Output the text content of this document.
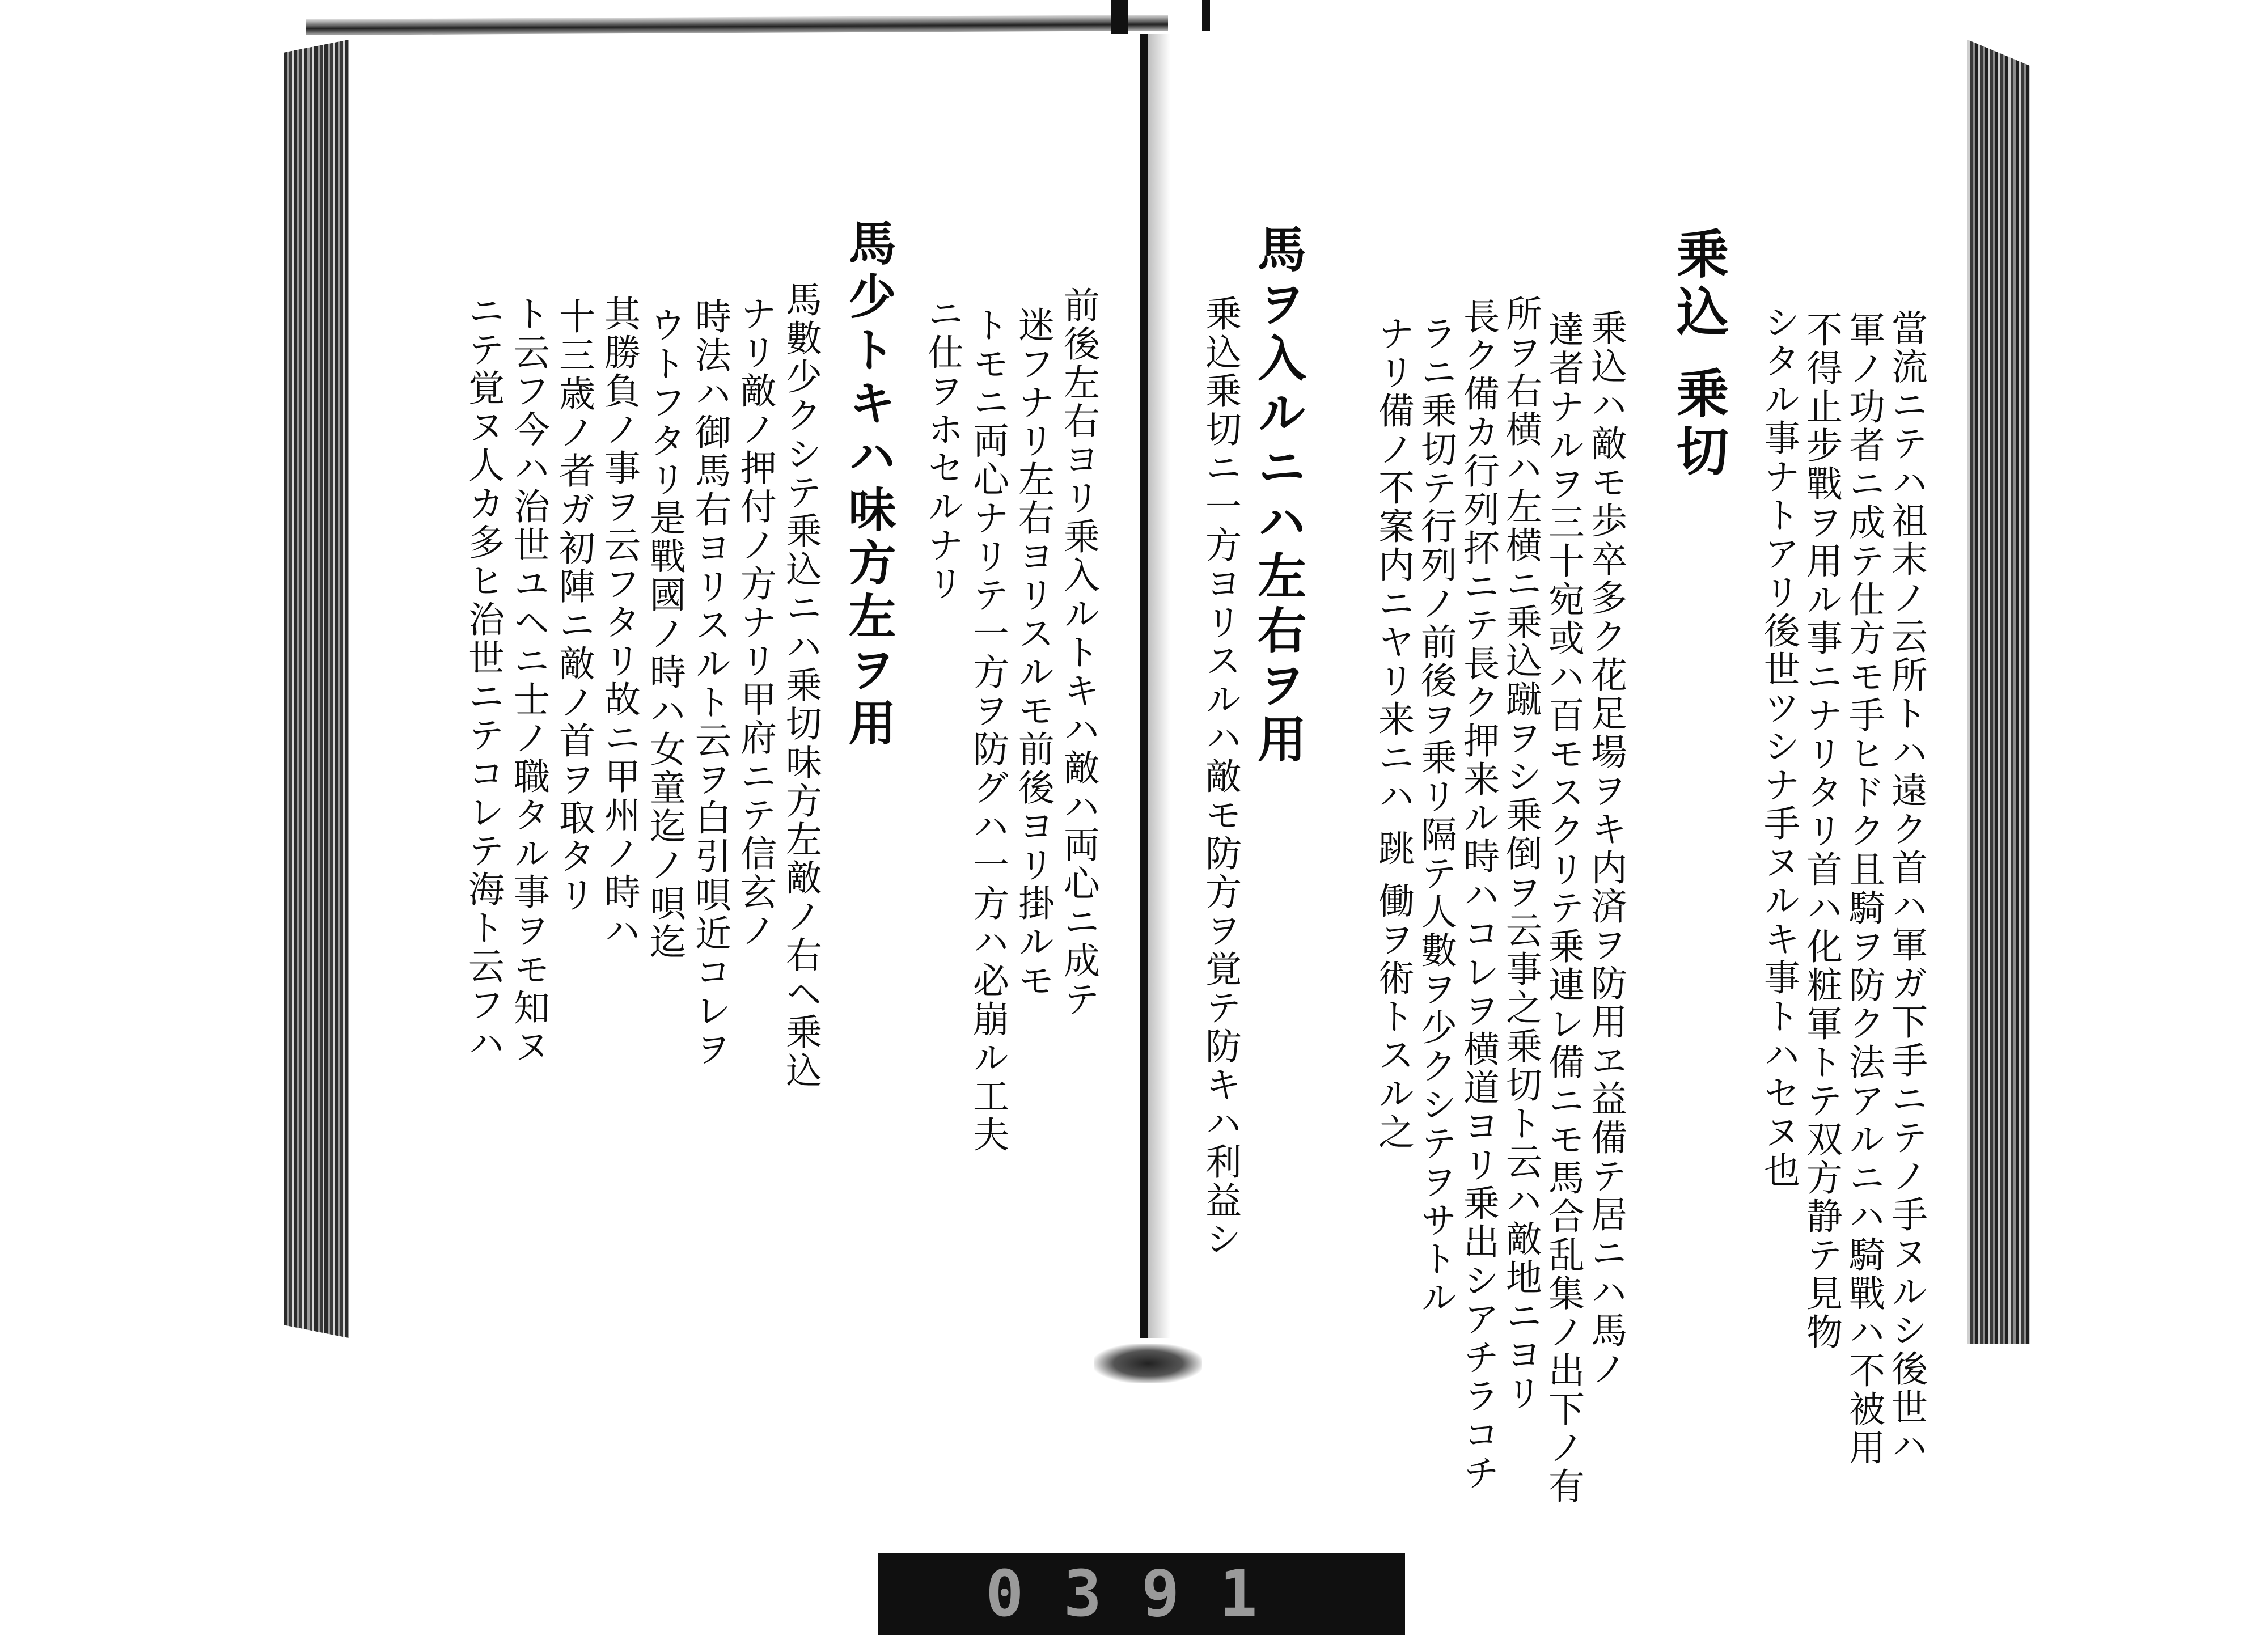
當流ニテハ祖末ノ云所トハ遠ク首ハ軍ガ下手ニテノ手ヌルシ後世ハ
軍ノ功者ニ成テ仕方モ手ヒドク且騎ヲ防ク法アルニハ騎戰ハ不被用
不得止步戰ヲ用ル事ニナリタリ首ハ化粧軍トテ双方静テ見物
シタル事ナトアリ後世ツシナ手ヌルキ事トハセヌ也
乗込 乗切
乗込ハ敵モ歩卒多ク花足場ヲキ内済ヲ防用ヱ益備テ居ニハ馬ノ
達者ナルヲ三十宛或ハ百モスクリテ乗連レ備ニモ馬合乱集ノ出下ノ有
所ヲ右横ハ左横ニ乗込蹴ヲシ乗倒ヲ云事之乗切ト云ハ敵地ニヨリ
長ク備カ行列抔ニテ長ク押来ル時ハコレヲ横道ヨリ乗出シアチラコチ
ラニ乗切テ行列ノ前後ヲ乗リ隔テ人數ヲ少クシテヲサトル
ナリ備ノ不案内ニヤリ来ニハ 跳 働ヲ術トスル之
馬ヲ入ルニハ左右ヲ用
乗込乗切ニ一方ヨリスルハ敵モ防方ヲ覚テ防キハ利益シ
前後左右ヨリ乗入ルトキハ敵ハ両心ニ成テ
迷フナリ左右ヨリスルモ前後ヨリ掛ルモ
トモニ両心ナリテ一方ヲ防グハ一方ハ必崩ル工夫
ニ仕ヲホセルナリ
馬少トキハ味方左ヲ用
馬數少クシテ乗込ニハ乗切味方左敵ノ右ヘ乗込
ナリ敵ノ押付ノ方ナリ甲府ニテ信玄ノ
時法ハ御馬右ヨリスルト云ヲ白引唄近コレヲ
ウトフタリ是戰國ノ時ハ女童迄ノ唄迄
其勝負ノ事ヲ云フタリ故ニ甲州ノ時ハ
十三歳ノ者ガ初陣ニ敵ノ首ヲ取タリ
ト云フ今ハ治世ユヘニ士ノ職タル事ヲモ知ヌ
ニテ覚ヌ人カ多ヒ治世ニテコレテ海ト云フハ
0391
